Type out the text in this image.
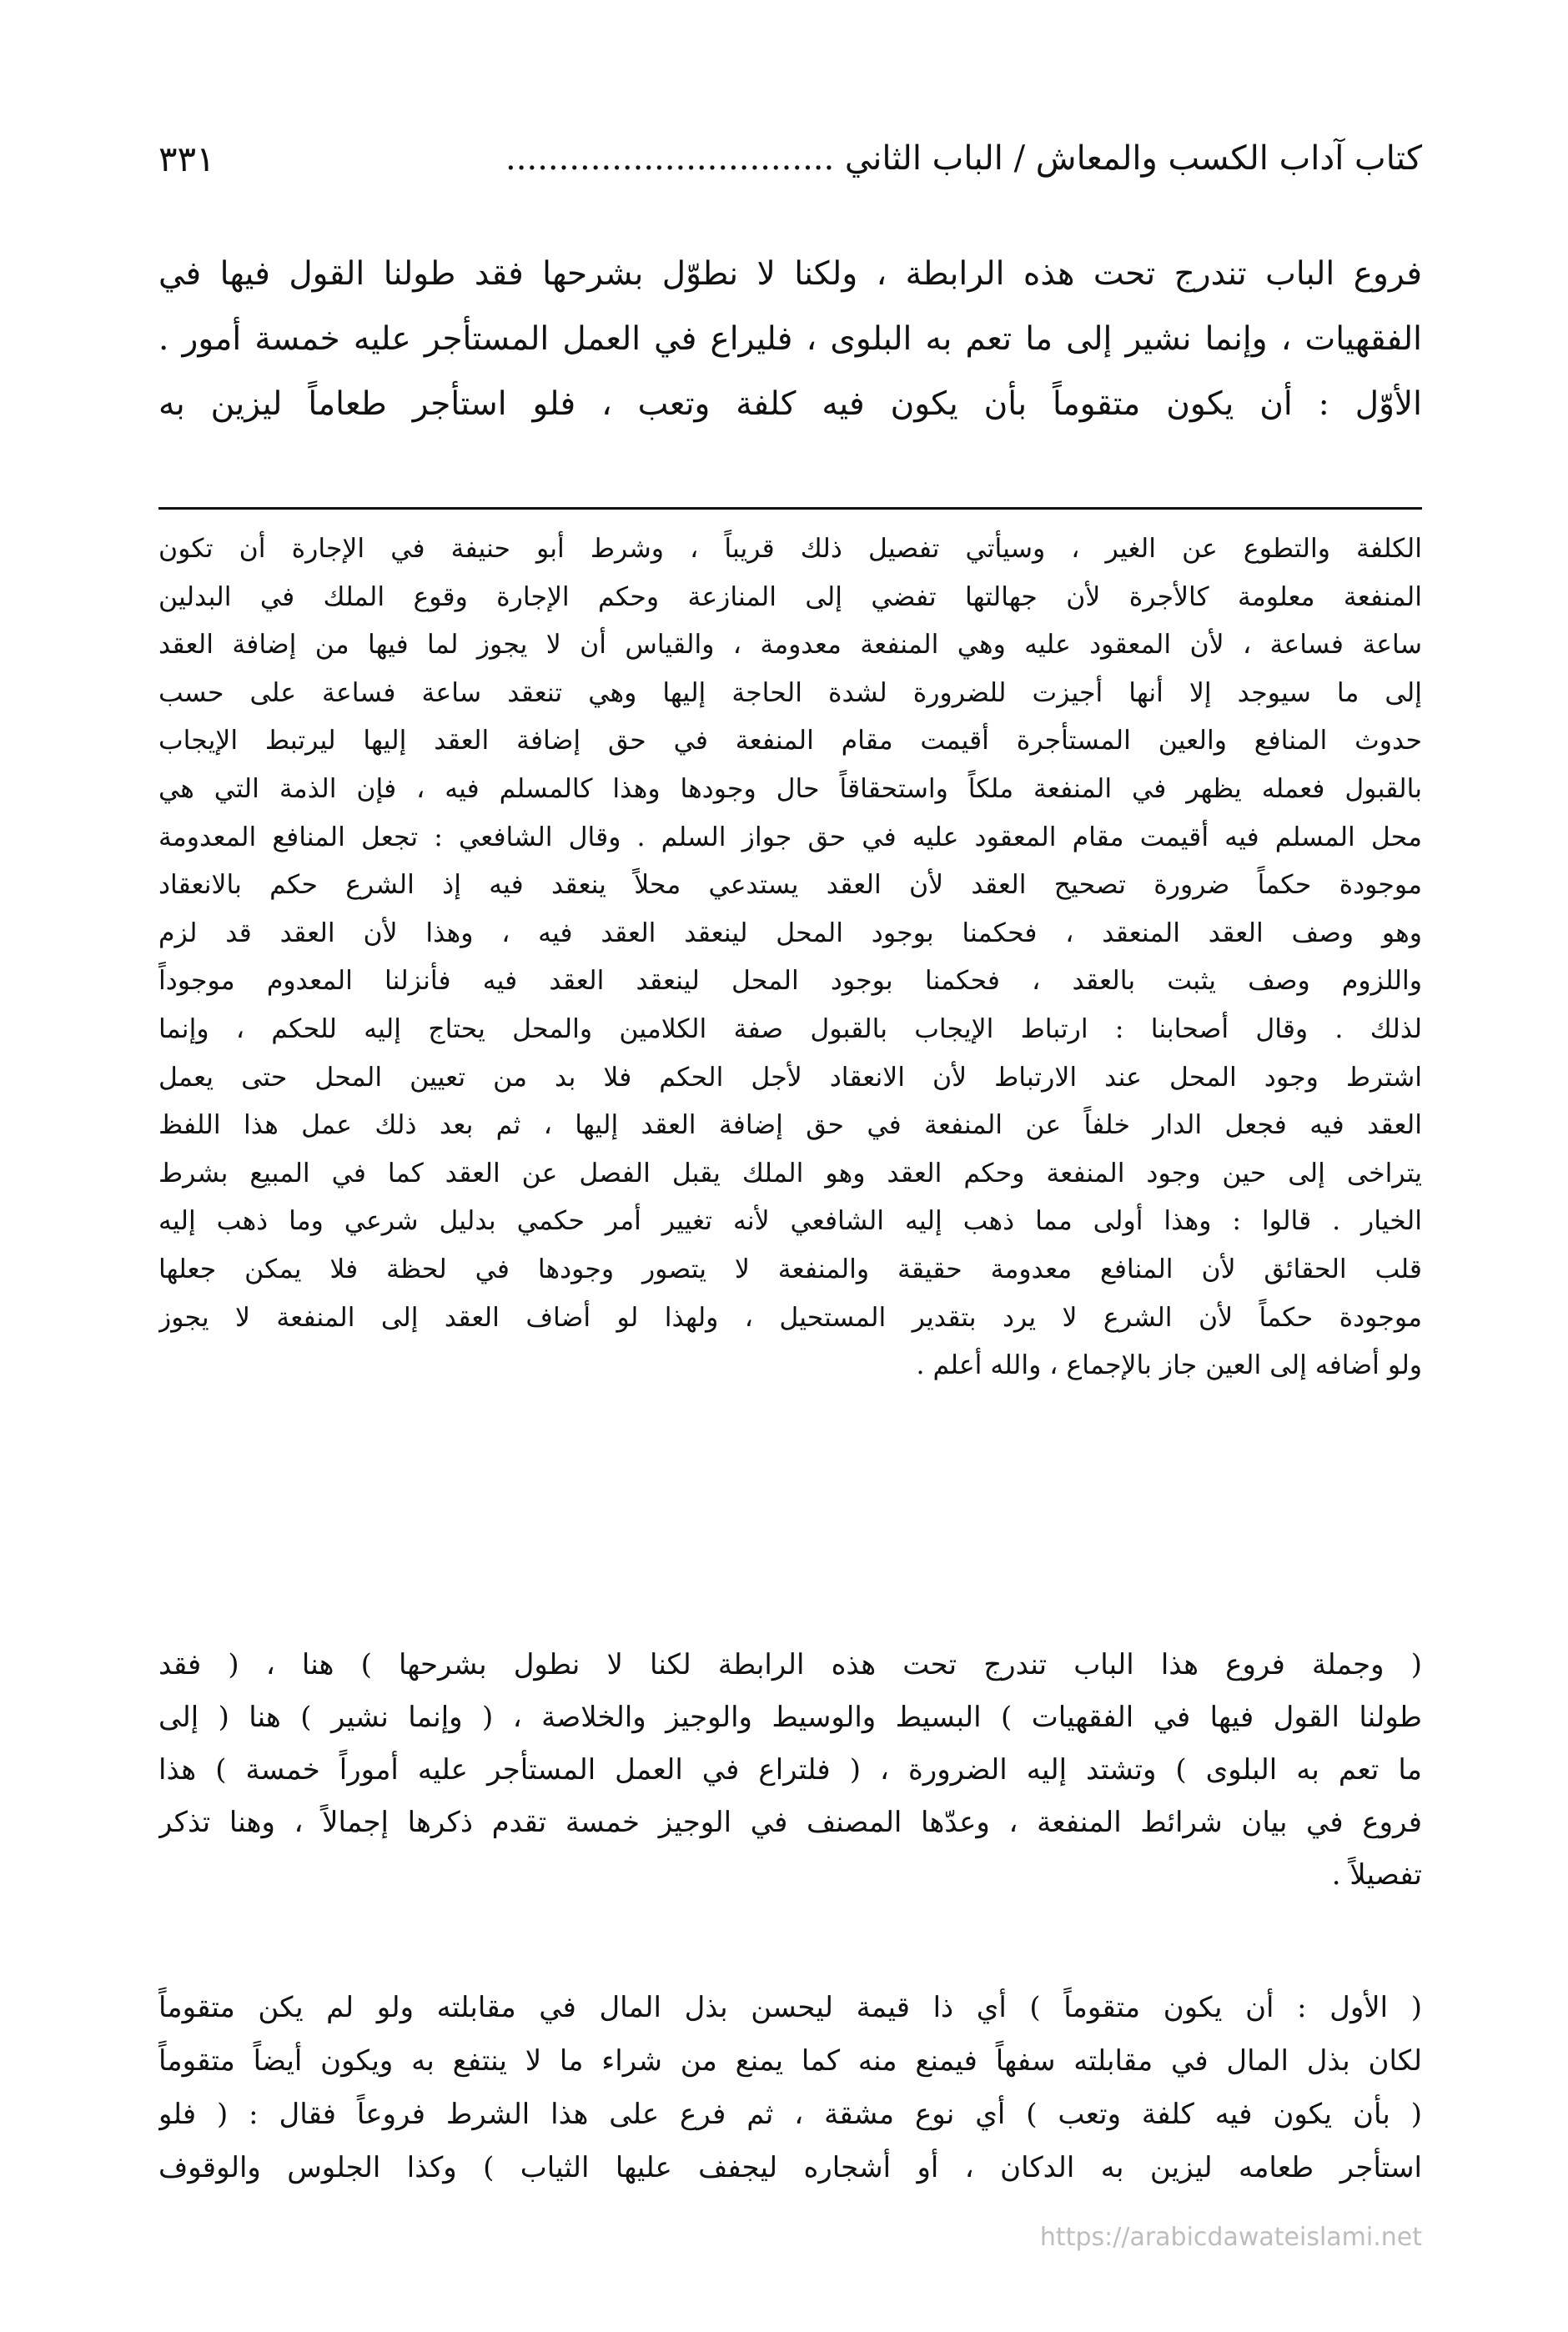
كتاب آداب الكسب والمعاش / الباب الثاني ...............................
٣٣١
فروع الباب تندرج تحت هذه الرابطة ، ولكنا لا نطوّل بشرحها فقد طولنا القول فيها في
الفقهيات ، وإنما نشير إلى ما تعم به البلوى ، فليراع في العمل المستأجر عليه خمسة أمور .
الأوّل : أن يكون متقوماً بأن يكون فيه كلفة وتعب ، فلو استأجر طعاماً ليزين به
الكلفة والتطوع عن الغير ، وسيأتي تفصيل ذلك قريباً ، وشرط أبو حنيفة في الإجارة أن تكون
المنفعة معلومة كالأجرة لأن جهالتها تفضي إلى المنازعة وحكم الإجارة وقوع الملك في البدلين
ساعة فساعة ، لأن المعقود عليه وهي المنفعة معدومة ، والقياس أن لا يجوز لما فيها من إضافة العقد
إلى ما سيوجد إلا أنها أجيزت للضرورة لشدة الحاجة إليها وهي تنعقد ساعة فساعة على حسب
حدوث المنافع والعين المستأجرة أقيمت مقام المنفعة في حق إضافة العقد إليها ليرتبط الإيجاب
بالقبول فعمله يظهر في المنفعة ملكاً واستحقاقاً حال وجودها وهذا كالمسلم فيه ، فإن الذمة التي هي
محل المسلم فيه أقيمت مقام المعقود عليه في حق جواز السلم . وقال الشافعي : تجعل المنافع المعدومة
موجودة حكماً ضرورة تصحيح العقد لأن العقد يستدعي محلاً ينعقد فيه إذ الشرع حكم بالانعقاد
وهو وصف العقد المنعقد ، فحكمنا بوجود المحل لينعقد العقد فيه ، وهذا لأن العقد قد لزم
واللزوم وصف يثبت بالعقد ، فحكمنا بوجود المحل لينعقد العقد فيه فأنزلنا المعدوم موجوداً
لذلك . وقال أصحابنا : ارتباط الإيجاب بالقبول صفة الكلامين والمحل يحتاج إليه للحكم ، وإنما
اشترط وجود المحل عند الارتباط لأن الانعقاد لأجل الحكم فلا بد من تعيين المحل حتى يعمل
العقد فيه فجعل الدار خلفاً عن المنفعة في حق إضافة العقد إليها ، ثم بعد ذلك عمل هذا اللفظ
يتراخى إلى حين وجود المنفعة وحكم العقد وهو الملك يقبل الفصل عن العقد كما في المبيع بشرط
الخيار . قالوا : وهذا أولى مما ذهب إليه الشافعي لأنه تغيير أمر حكمي بدليل شرعي وما ذهب إليه
قلب الحقائق لأن المنافع معدومة حقيقة والمنفعة لا يتصور وجودها في لحظة فلا يمكن جعلها
موجودة حكماً لأن الشرع لا يرد بتقدير المستحيل ، ولهذا لو أضاف العقد إلى المنفعة لا يجوز
ولو أضافه إلى العين جاز بالإجماع ، والله أعلم .
( وجملة فروع هذا الباب تندرج تحت هذه الرابطة لكنا لا نطول بشرحها ) هنا ، ( فقد
طولنا القول فيها في الفقهيات ) البسيط والوسيط والوجيز والخلاصة ، ( وإنما نشير ) هنا ( إلى
ما تعم به البلوى ) وتشتد إليه الضرورة ، ( فلتراع في العمل المستأجر عليه أموراً خمسة ) هذا
فروع في بيان شرائط المنفعة ، وعدّها المصنف في الوجيز خمسة تقدم ذكرها إجمالاً ، وهنا تذكر
تفصيلاً .
( الأول : أن يكون متقوماً ) أي ذا قيمة ليحسن بذل المال في مقابلته ولو لم يكن متقوماً
لكان بذل المال في مقابلته سفهاً فيمنع منه كما يمنع من شراء ما لا ينتفع به ويكون أيضاً متقوماً
( بأن يكون فيه كلفة وتعب ) أي نوع مشقة ، ثم فرع على هذا الشرط فروعاً فقال : ( فلو
استأجر طعامه ليزين به الدكان ، أو أشجاره ليجفف عليها الثياب ) وكذا الجلوس والوقوف
https://arabicdawateislami.net
